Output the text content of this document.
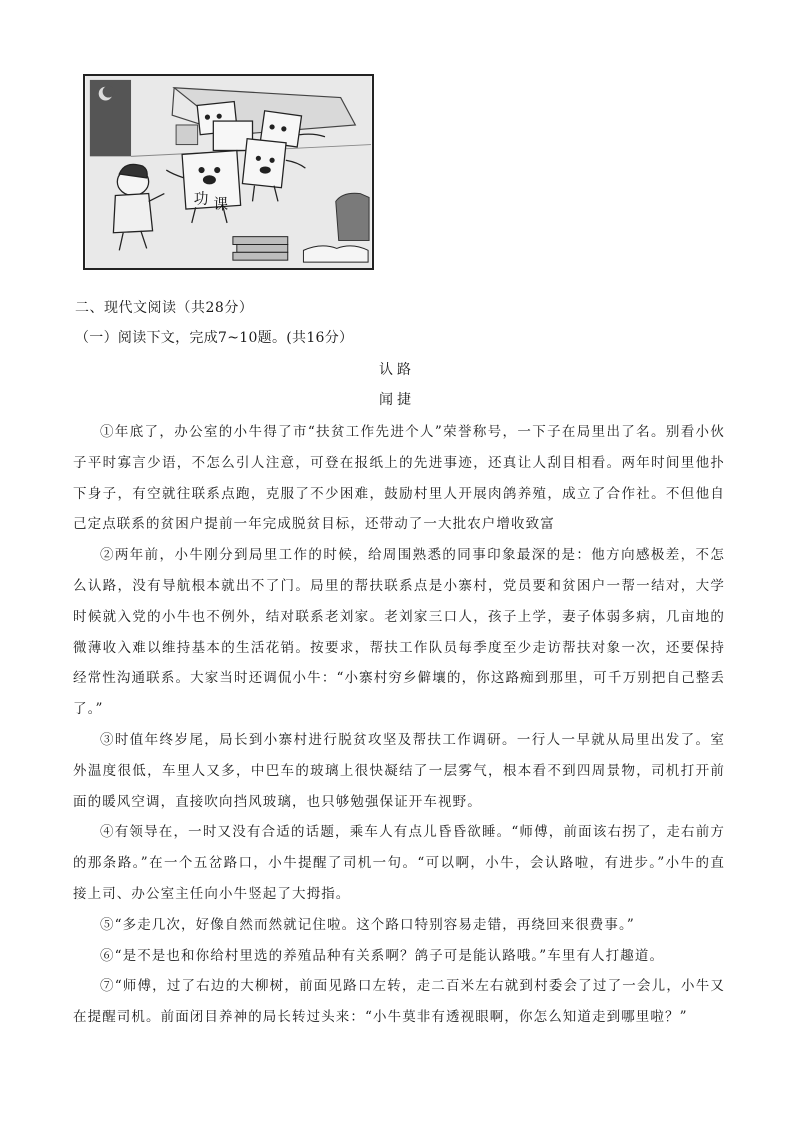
功 课
二、现代文阅读（共28分）
（一）阅读下文，完成7~10题。(共16分）
认路
闻捷

①年底了，办公室的小牛得了市“扶贫工作先进个人”荣誉称号，一下子在局里出了名。别看小伙子平时寡言少语，不怎么引人注意，可登在报纸上的先进事迹，还真让人刮目相看。两年时间里他扑下身子，有空就往联系点跑，克服了不少困难，鼓励村里人开展肉鸽养殖，成立了合作社。不但他自己定点联系的贫困户提前一年完成脱贫目标，还带动了一大批农户增收致富

②两年前，小牛刚分到局里工作的时候，给周围熟悉的同事印象最深的是：他方向感极差，不怎么认路，没有导航根本就出不了门。局里的帮扶联系点是小寨村，党员要和贫困户一帮一结对，大学时候就入党的小牛也不例外，结对联系老刘家。老刘家三口人，孩子上学，妻子体弱多病，几亩地的微薄收入难以维持基本的生活花销。按要求，帮扶工作队员每季度至少走访帮扶对象一次，还要保持经常性沟通联系。大家当时还调侃小牛：“小寨村穷乡僻壤的，你这路痴到那里，可千万别把自己整丢了。”

③时值年终岁尾，局长到小寨村进行脱贫攻坚及帮扶工作调研。一行人一早就从局里出发了。室外温度很低，车里人又多，中巴车的玻璃上很快凝结了一层雾气，根本看不到四周景物，司机打开前面的暖风空调，直接吹向挡风玻璃，也只够勉强保证开车视野。

④有领导在，一时又没有合适的话题，乘车人有点儿昏昏欲睡。“师傅，前面该右拐了，走右前方的那条路。”在一个五岔路口，小牛提醒了司机一句。“可以啊，小牛，会认路啦，有进步。”小牛的直接上司、办公室主任向小牛竖起了大拇指。

⑤“多走几次，好像自然而然就记住啦。这个路口特别容易走错，再绕回来很费事。”

⑥“是不是也和你给村里选的养殖品种有关系啊？鸽子可是能认路哦。”车里有人打趣道。

⑦“师傅，过了右边的大柳树，前面见路口左转，走二百米左右就到村委会了过了一会儿，小牛又在提醒司机。前面闭目养神的局长转过头来：“小牛莫非有透视眼啊，你怎么知道走到哪里啦？”
